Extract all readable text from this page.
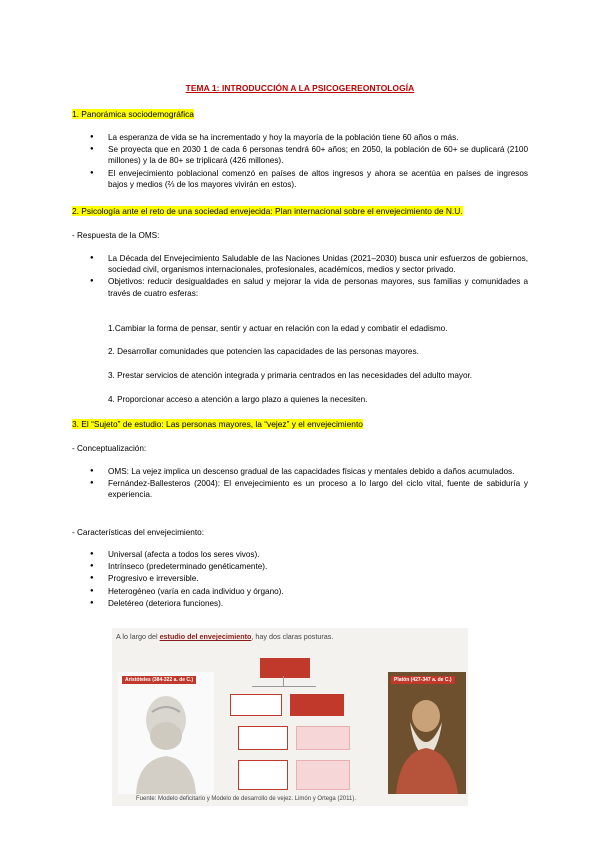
TEMA 1: INTRODUCCIÓN A LA PSICOGEREONTOLOGÍA
1. Panorámica sociodemográfica
● La esperanza de vida se ha incrementado y hoy la mayoría de la población tiene 60 años o más.
● Se proyecta que en 2030 1 de cada 6 personas tendrá 60+ años; en 2050, la población de 60+ se duplicará (2100 millones) y la de 80+ se triplicará (426 millones).
● El envejecimiento poblacional comenzó en países de altos ingresos y ahora se acentúa en países de ingresos bajos y medios (⅔ de los mayores vivirán en estos).
2. Psicología ante el reto de una sociedad envejecida: Plan internacional sobre el envejecimiento de N.U.
- Respuesta de la OMS:
● La Década del Envejecimiento Saludable de las Naciones Unidas (2021–2030) busca unir esfuerzos de gobiernos, sociedad civil, organismos internacionales, profesionales, académicos, medios y sector privado.
● Objetivos: reducir desigualdades en salud y mejorar la vida de personas mayores, sus familias y comunidades a través de cuatro esferas:
1.Cambiar la forma de pensar, sentir y actuar en relación con la edad y combatir el edadismo.
2. Desarrollar comunidades que potencien las capacidades de las personas mayores.
3. Prestar servicios de atención integrada y primaria centrados en las necesidades del adulto mayor.
4. Proporcionar acceso a atención a largo plazo a quienes la necesiten.
3. El “Sujeto” de estudio: Las personas mayores, la “vejez” y el envejecimiento
- Conceptualización:
● OMS: La vejez implica un descenso gradual de las capacidades físicas y mentales debido a daños acumulados.
● Fernández-Ballesteros (2004): El envejecimiento es un proceso a lo largo del ciclo vital, fuente de sabiduría y experiencia.
- Características del envejecimiento:
● Universal (afecta a todos los seres vivos).
● Intrínseco (predeterminado genéticamente).
● Progresivo e irreversible.
● Heterogéneo (varía en cada individuo y órgano).
● Deletéreo (deteriora funciones).
A lo largo del estudio del envejecimiento, hay dos claras posturas.
Aristóteles (384-322 a. de C.)	Platón (427-347 a. de C.)
Fuente: Modelo deficitario y Modelo de desarrollo de vejez. Limón y Ortega (2011).
